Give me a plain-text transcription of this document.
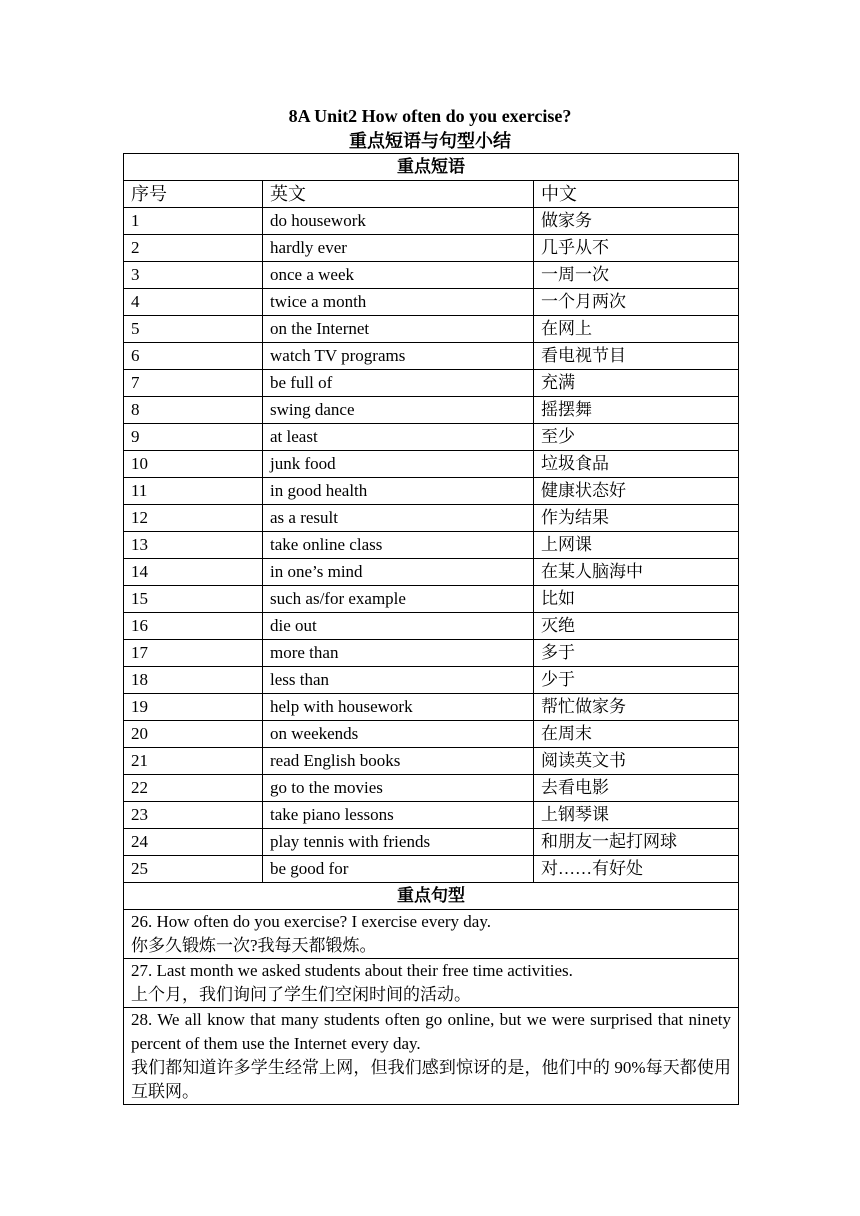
8A Unit2 How often do you exercise?
重点短语与句型小结
重点短语		
序号	英文	中文
1	do housework	做家务
2	hardly ever	几乎从不
3	once a week	一周一次
4	twice a month	一个月两次
5	on the Internet	在网上
6	watch TV programs	看电视节目
7	be full of	充满
8	swing dance	摇摆舞
9	at least	至少
10	junk food	垃圾食品
11	in good health	健康状态好
12	as a result	作为结果
13	take online class	上网课
14	in one’s mind	在某人脑海中
15	such as/for example	比如
16	die out	灭绝
17	more than	多于
18	less than	少于
19	help with housework	帮忙做家务
20	on weekends	在周末
21	read English books	阅读英文书
22	go to the movies	去看电影
23	take piano lessons	上钢琴课
24	play tennis with friends	和朋友一起打网球
25	be good for	对……有好处
重点句型		

26. How often do you exercise? I exercise every day.
你多久锻炼一次?我每天都锻炼。		

27. Last month we asked students about their free time activities.
上个月，我们询问了学生们空闲时间的活动。		

28. We all know that many students often go online, but we were surprised that ninety percent of them use the Internet every day.
我们都知道许多学生经常上网，但我们感到惊讶的是，他们中的 90%每天都使用互联网。		
